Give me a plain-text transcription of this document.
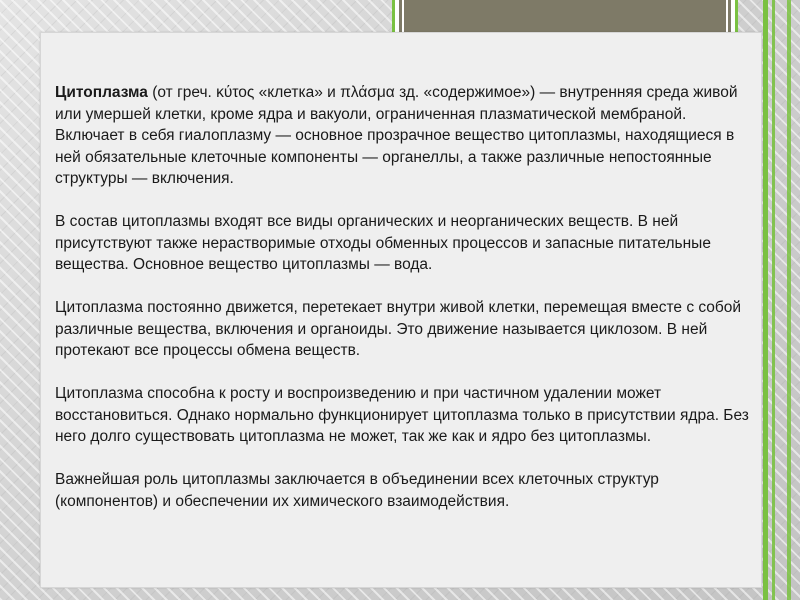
Цитоплазма (от греч. κύτος «клетка» и πλάσμα зд. «содержимое») — внутренняя среда живой или умершей клетки, кроме ядра и вакуоли, ограниченная плазматической мембраной. Включает в себя гиалоплазму — основное прозрачное вещество цитоплазмы, находящиеся в ней обязательные клеточные компоненты — органеллы, а также различные непостоянные структуры — включения.

В состав цитоплазмы входят все виды органических и неорганических веществ. В ней присутствуют также нерастворимые отходы обменных процессов и запасные питательные вещества. Основное вещество цитоплазмы — вода.

Цитоплазма постоянно движется, перетекает внутри живой клетки, перемещая вместе с собой различные вещества, включения и органоиды. Это движение называется циклозом. В ней протекают все процессы обмена веществ.

Цитоплазма способна к росту и воспроизведению и при частичном удалении может восстановиться. Однако нормально функционирует цитоплазма только в присутствии ядра. Без него долго существовать цитоплазма не может, так же как и ядро без цитоплазмы.

Важнейшая роль цитоплазмы заключается в объединении всех клеточных структур (компонентов) и обеспечении их химического взаимодействия.
